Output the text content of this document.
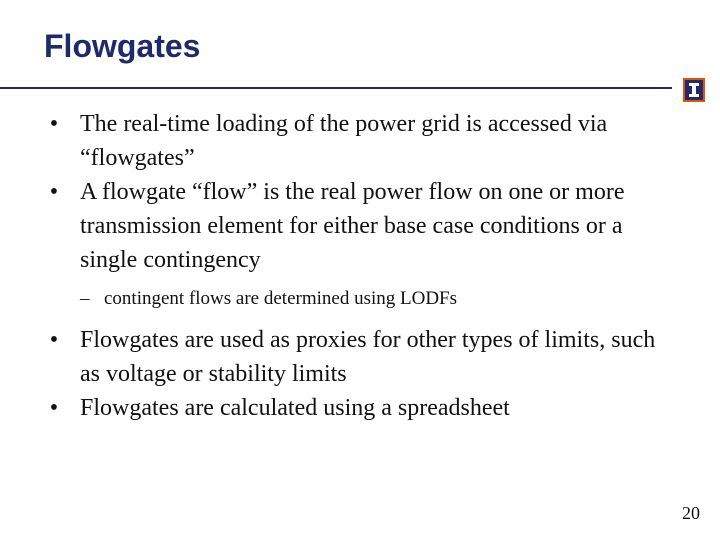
Flowgates
• The real-time loading of the power grid is accessed via “flowgates”
• A flowgate “flow” is the real power flow on one or more transmission element for either base case conditions or a single contingency
– contingent flows are determined using LODFs
• Flowgates are used as proxies for other types of limits, such as voltage or stability limits
• Flowgates are calculated using a spreadsheet
20
